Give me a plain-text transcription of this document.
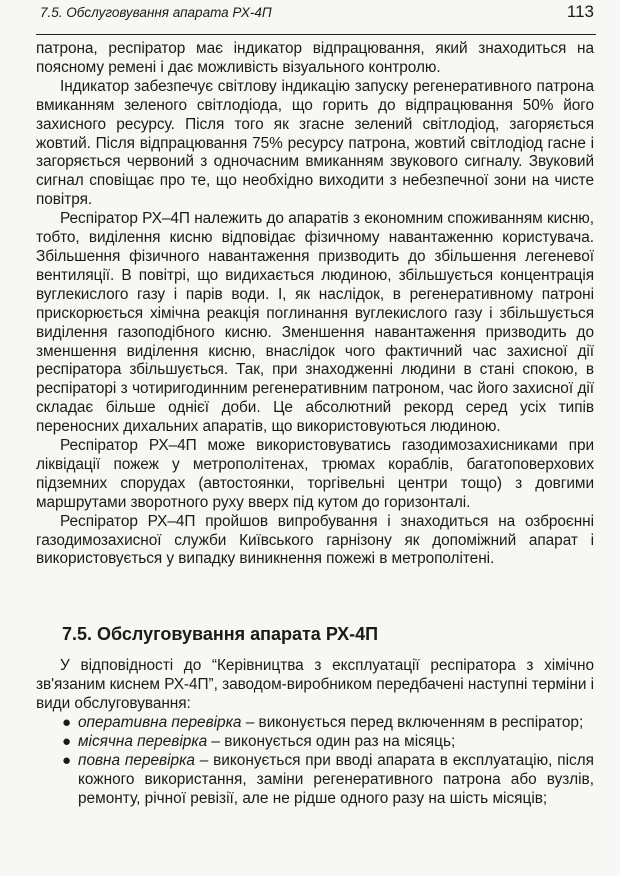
7.5. Обслуговування апарата РХ-4П	113

патрона, респіратор має індикатор відпрацювання, який знаходиться на поясному ремені і дає можливість візуального контролю.

Індикатор забезпечує світлову індикацію запуску регенеративного патрона вмиканням зеленого світлодіода, що горить до відпрацювання 50% його захисного ресурсу. Після того як згасне зелений світлодіод, загоряється жовтий. Після відпрацювання 75% ресурсу патрона, жовтий світлодіод гасне і загоряється червоний з одночасним вмиканням звукового сигналу. Звуковий сигнал сповіщає про те, що необхідно виходити з небезпечної зони на чисте повітря.

Респіратор РХ–4П належить до апаратів з економним споживанням кисню, тобто, виділення кисню відповідає фізичному навантаженню користувача. Збільшення фізичного навантаження призводить до збільшення легеневої вентиляції. В повітрі, що видихається людиною, збільшується концентрація вуглекислого газу і парів води. І, як наслідок, в регенеративному патроні прискорюється хімічна реакція поглинання вуглекислого газу і збільшується виділення газоподібного кисню. Зменшення навантаження призводить до зменшення виділення кисню, внаслідок чого фактичний час захисної дії респіратора збільшується. Так, при знаходженні людини в стані спокою, в респіраторі з чотиригодинним регенеративним патроном, час його захисної дії складає більше однієї доби. Це абсолютний рекорд серед усіх типів переносних дихальних апаратів, що використовуються людиною.

Респіратор РХ–4П може використовуватись газодимозахисниками при ліквідації пожеж у метрополітенах, трюмах кораблів, багатоповерхових підземних спорудах (автостоянки, торгівельні центри тощо) з довгими маршрутами зворотного руху вверх під кутом до горизонталі.

Респіратор РХ–4П пройшов випробування і знаходиться на озброєнні газодимозахисної служби Київського гарнізону як допоміжний апарат і використовується у випадку виникнення пожежі в метрополітені.

7.5. Обслуговування апарата РХ-4П

У відповідності до “Керівництва з експлуатації респіратора з хімічно зв'язаним киснем РХ-4П”, заводом-виробником передбачені наступні терміни і види обслуговування:

● оперативна перевірка – виконується перед включенням в респіратор;
● місячна перевірка – виконується один раз на місяць;
● повна перевірка – виконується при вводі апарата в експлуатацію, після кожного використання, заміни регенеративного патрона або вузлів, ремонту, річної ревізії, але не рідше одного разу на шість місяців;
